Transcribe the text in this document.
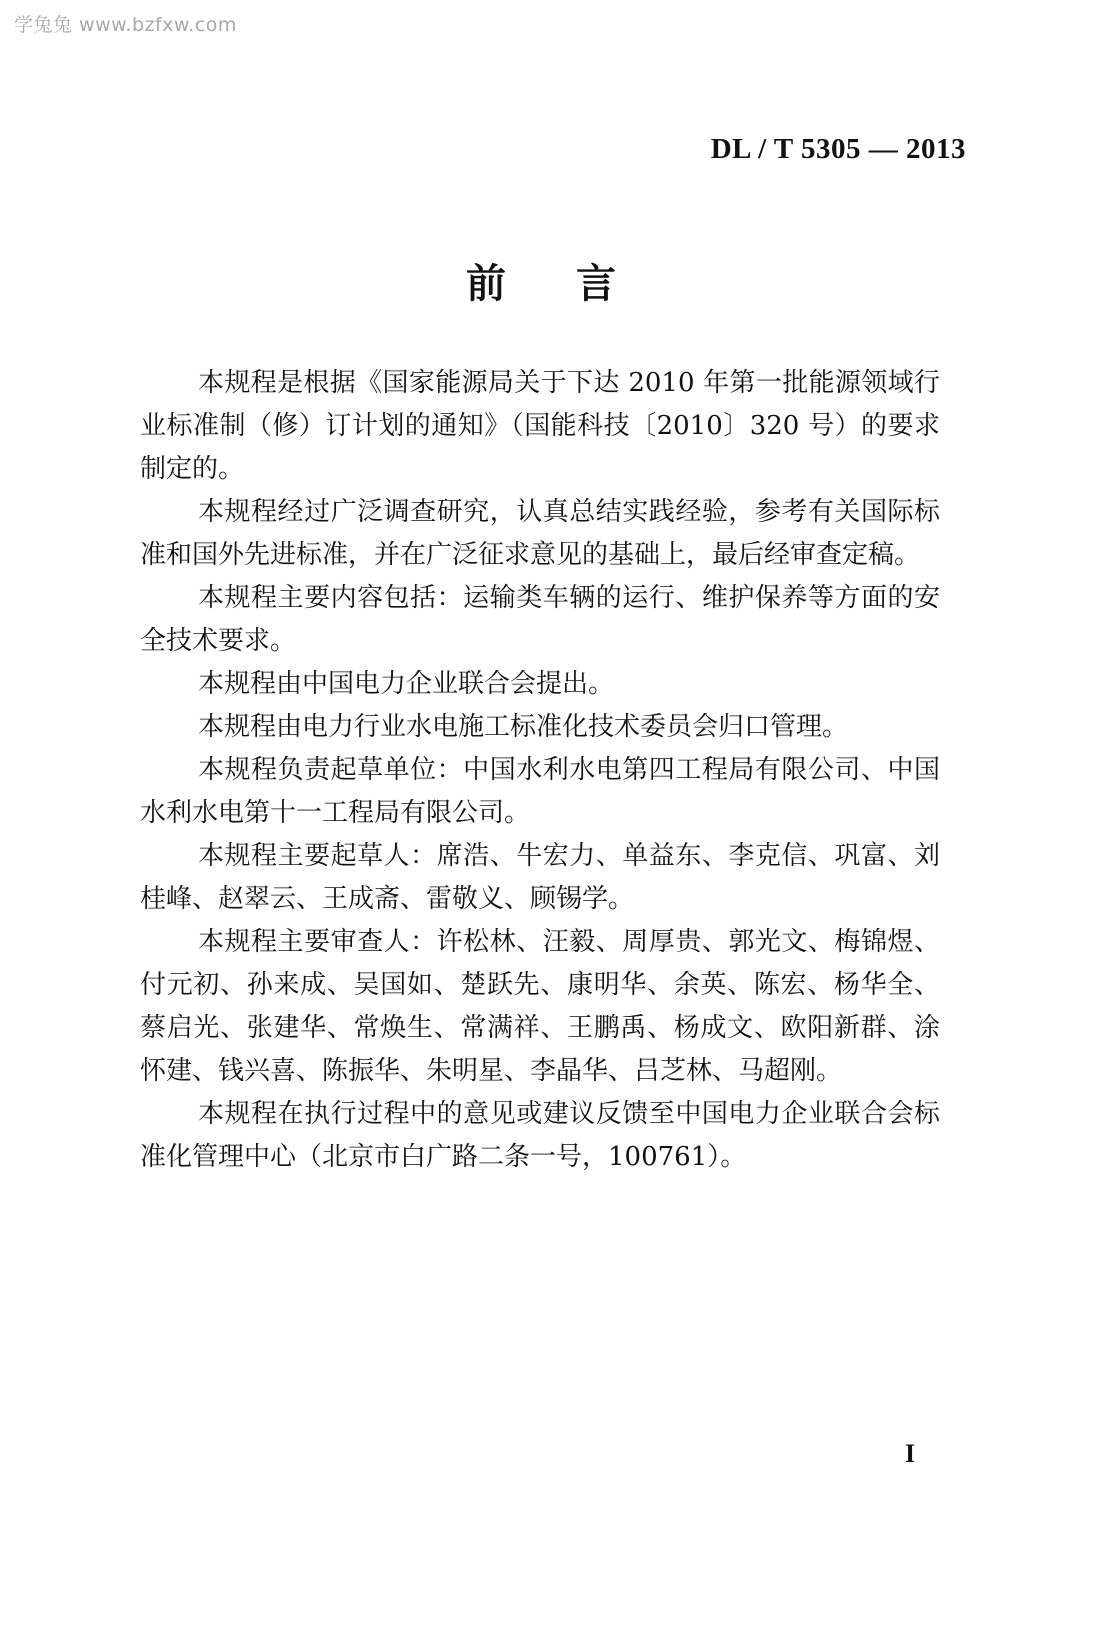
学兔兔 www.bzfxw.com
DL / T 5305 — 2013
前言

本规程是根据《国家能源局关于下达 2010 年第一批能源领域行业标准制（修）订计划的通知》（国能科技〔2010〕320 号）的要求制定的。

本规程经过广泛调查研究，认真总结实践经验，参考有关国际标准和国外先进标准，并在广泛征求意见的基础上，最后经审查定稿。

本规程主要内容包括：运输类车辆的运行、维护保养等方面的安全技术要求。

本规程由中国电力企业联合会提出。

本规程由电力行业水电施工标准化技术委员会归口管理。

本规程负责起草单位：中国水利水电第四工程局有限公司、中国水利水电第十一工程局有限公司。

本规程主要起草人：席浩、牛宏力、单益东、李克信、巩富、刘桂峰、赵翠云、王成斋、雷敬义、顾锡学。

本规程主要审查人：许松林、汪毅、周厚贵、郭光文、梅锦煜、付元初、孙来成、吴国如、楚跃先、康明华、余英、陈宏、杨华全、蔡启光、张建华、常焕生、常满祥、王鹏禹、杨成文、欧阳新群、涂怀建、钱兴喜、陈振华、朱明星、李晶华、吕芝林、马超刚。

本规程在执行过程中的意见或建议反馈至中国电力企业联合会标准化管理中心（北京市白广路二条一号，100761）。

I
